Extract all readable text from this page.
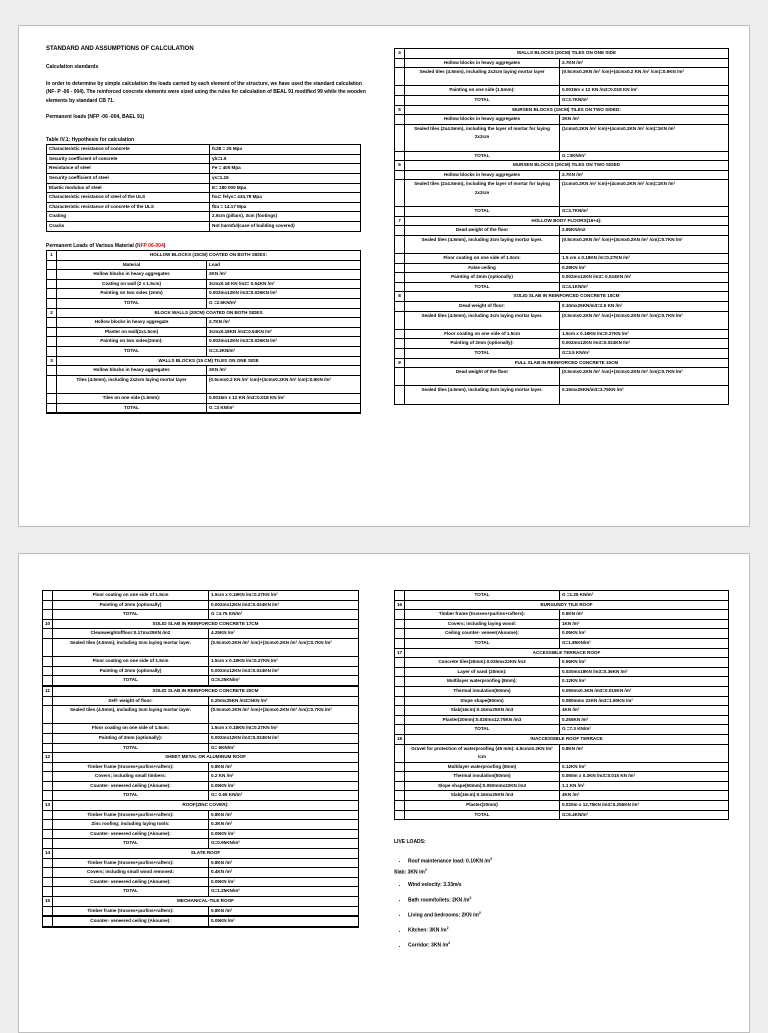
STANDARD AND ASSUMPTIONS OF CALCULATION

Calculation standards

In order to determine by simple calculation the loads carried by each element of the structure, we have used the standard calculation (NF- P -06 - 004). The reinforced concrete elements were sized using the rules for calculation of BEAL 91 modified 99 while the wooden elements by standard CB 71.

Permanent loads (NFP -06 -004, BAEL 91)

Table IV.1: Hypothesis for calculation

Characteristic resistance of concrete	fc28 = 25 Mpa
Security coefficient of concrete	γb=1.5
Resistance of steel	Fe = 400 Mpa
Security coefficient of steel	γs=1.15
Elastic modulus of steel	E= 180 000 Mpa
Characteristic resistance of steel of the ULS	fsu= fe/γs= 434.78 Mpa
Characteristic resistance of concrete of the ULS	fbu = 14.17 Mpa
Coating	2.5cm (pillars), 3cm (footings)
Cracks	Not harmful(case of building covered)

Permanent Loads of Various Material (NFP 06-004)

1	HOLLOW BLOCKS (15CM) COATED ON BOTH SIDES:	
	Material	Load
	Hollow blocks in heavy aggregates	2KN /m²
	Coating on wall (2 x 1.5cm)	3cmx0.18 KN /m2= 0.54KN /m²
	Painting on two sides (2mm)	0.002mx12KN /m3=0.026KN /m²
	TOTAL	G =2.6KN/m²
2	BLOCK WALLS (20CM) COATED ON BOTH SIDES	
	Hollow blocks in heavy aggregate	2.7KN /m²
	Plaster on wall(2x1.5cm)	3cmx0.18KN /m3=0.54KN /m²
	Painting on two sides(2mm):	0.002mx12KN /m3=0.026KN /m²
	TOTAL	G=3.3KN/m²
3	WALLS BLOCKS (15 CM) TILES ON ONE SIDE	
	Hollow blocks in heavy aggregates	2KN /m²
	Tiles (4.5mm), including 2x2cm laying mortar layer	(0.5cmx0.2 KN /m² /cm)+(3cmx0.2KN /m² /cm)=0.9KN /m²
	Tiles on one side (1.5mm):	0.0015m x 12 KN /m3=0.018 KN /m²
	TOTAL	G =3 KN/m²

4	WALLS BLOCKS (20CM) TILES ON ONE SIDE	
	Hollow blocks in heavy aggregates	2.7KN /m²
	Sealed tiles (4.5mm), including 2x2cm laying mortar layer	(0.5cmx0.2KN /m² /cm)+(4cmx0.2 KN /m² /cm)=0.9KN /m²
	Painting on one side (1.5mm):	0.0015m x 12 KN /m3=0.018 KN /m²
	TOTAL	G=3.7KN/m²
5	MURSEN BLOCKS (15CM) TILES ON TWO SIDED:	
	Hollow blocks in heavy aggregates	2KN /m²
	Sealed tiles (2x4.5mm), including the layer of mortar for laying 2x2cm	(1cmx0.2KN /m² /cm)+(4cmx0.2KN /m² /cm)=1KN /m²
	TOTAL	G =3KN/m²
6	MURSEN BLOCKS (20CM) TILES ON TWO SIDED	
	Hollow blocks in heavy aggregates	2.7KN /m²
	Sealed tiles (2x4.5mm), including the layer of mortar for laying 2x2cm	(1cmx0.2KN /m² /cm)+(4cmx0.2KN /m² /cm)=1KN /m²
	TOTAL	G=3.7KN/m²
7	HOLLOW BODY FLOORS(16+4):	
	Dead weight of the floor	2.85KN/m2
	Sealed tiles (4.5mm), including 3cm laying mortar layer.	(0.5cmx0.2KN /m² /cm)+(3cmx0.2KN /m² /cm)=0.7KN /m²
	Floor coating on one side of 1.5cm:	1.5 cm x 0.18KN /m=0.27KN /m²
	False ceiling	0.28KN /m²
	Painting of 2mm (optionally)	0.002mx12KN /m3= 0.024KN /m²
	TOTAL	G=4.1KN/m²
8	SOLID SLAB IN REINFORCED CONCRETE 10CM	
	Dead weight of floor:	0.10mx25KN/m3=2.5 KN /m²
	Sealed tiles (4.5mm), including 3cm laying mortar layer.	(0.5cmx0.2KN /m² /cm)+(3cmx0.2KN /m² /cm)=0.7KN /m²
	Floor coating on one side of 1.5cm	1.5cm x 0.18KN /m=0.27KN /m²
	Painting of 2mm (optionally):	0.002mx12KN /m3=0.024KN /m²
	TOTAL	G=3.5 KN/m²
9	FULL SLAB IN REINFORCED CONCRETE 15CM	
	Dead weight of the floor	(0.5cmx0.2KN /m² /cm)+(3cmx0.2KN /m² /cm)=0.7KN /m²
	Sealed tiles (4.5mm), including 3cm laying mortar layer.	0.15mx25KN/m3=3.75KN /m²
	Floor coating on one side of 1.5cm	1.5cm x 0.18KN /m=0.27KN /m²
	Painting of 2mm (optionally)	0.002mx12KN /m3=0.024KN /m²
	TOTAL	G =4.75 KN/m²
10	SOLID SLAB IN REINFORCED CONCRETE 17CM	
	Cleanweightoffloor:0.17mx25KN /m2	4.25KN /m²
	Sealed tiles (4.5mm), including 3cm laying mortar layer.	(0.5cmx0.2KN /m² /cm)+(3cmx0.2KN /m² /cm)=0.7KN /m²
	Floor coating on one side of 1.5cm	1.5cm x 0.18KN /m=0.27KN /m²
	Painting of 2mm (optionally)	0.002mx12KN /m3=0.024KN /m²
	TOTAL	G=5.25KN/m²

11	SOLID SLAB IN REINFORCED CONCRETE 20CM	
	Self- weight of floor:	0.20mx25KN /m3=5KN /m²
	Sealed tiles (4.5mm), including 3cm laying mortar layer.	(0.5cmx0.2KN /m² /cm)+(3cmx0.2KN /m² /cm)=0.7KN /m²
	Floor coating on one side of 1.5cm:	1.5cm x 0.18KN /m=0.27KN /m²
	Painting of 2mm (optionally):	0.002mx12KN /m3=0.024KN /m²
	TOTAL	G= 6KN/m²
12	SHEET METAL OR ALUMINUM ROOF	
	Timber frame (trusses+purlins+rafters):	0.8KN /m²
	Covers; including small timbers:	0.2 KN /m²
	Counter- veneered ceiling (Akoume):	0.05KN /m²
	TOTAL	G= 0.65 KN/m²
13	ROOF(ZINC COVER):	
	Timber frame (trusses+purlins+rafters):	0.8KN /m²
	Zinc roofing; including laying tools:	0.3KN /m²
	Counter- veneered ceiling (Akoume):	0.05KN /m²
	TOTAL	G=0.95KN/m²
14	SLATE ROOF	
	Timber frame (trusses+purlins+rafters):	0.8KN /m²
	Covers; including small wood removed:	0.4KN /m²
	Counter- veneered ceiling (Akoume):	0.05KN /m²
	TOTAL	G=1.25KN/m²
15	MECHANICAL-TILE ROOF	
	Timber frame (trusses+purlins+rafters):	0.8KN /m²

	Counter- veneered ceiling (Akoume):	0.05KN /m²

	TOTAL	G =1.25 KN/m²
16	BURGUNDY TILE ROOF	
	Timber frame (trusses+purlins+rafters):	0.8KN /m²
	Covers; including laying wood:	1KN /m²
	Ceiling counter- veneer(Akoume):	0.05KN /m²
	TOTAL	G=1.85KN/m²
17	ACCESSIBLE TERRACE ROOF	
	Concrete tiles(25mm):0.025mx22KN /m3	0.55KN /m²
	Layer of sand (20mm):	0.020mx18KN /m3=0.36KN /m²
	Multilayer waterproofing (8mm):	0.12KN /m²
	Thermal insulation(50mm)	0.050mx0.3KN /m3=0.015KN /m²
	Slope shape(80mm)	0.080mmx 22KN /m3=1.80KN /m²
	Slab(16cm):0.16mx25KN /m3	4KN /m²
	Plaster(20mm):0.020mx12.75KN /m3	0.255KN /m²
	TOTAL	G =7.3 KN/m²
18	INACCESSIBLE ROOF TERRACE	
	Gravel for protection of waterproofing (45 mm): 4.5cmx0.2KN /m² /cm	0.8KN /m²
	Multilayer waterproofing (8mm)	0.12KN /m²
	Thermal insulation(50mm)	0.050m x 0.3KN /m3=0.015 KN /m²
	Slope shape(50mm):0.050mmx22KN /m3	1.1 KN /m²
	Slab(16cm):0.16mx25KN /m3	4KN /m²
	Plaster(20mm)	0.020m x 12.75KN /m3=0.255KN /m²
	TOTAL	G=6.4KN/m²

LIVE LOADS:

• Roof maintenance load: 0.10KN $/m^2$

Slab: 3KN $/m^2$

• Wind velocity: 3.33m/s
• Bath room/toilets: 2KN $/m^2$
• Living and bedrooms: 2KN $/m^2$
• Kitchen: 3KN $/m^2$
• Corridor: 3KN $/m^2$
